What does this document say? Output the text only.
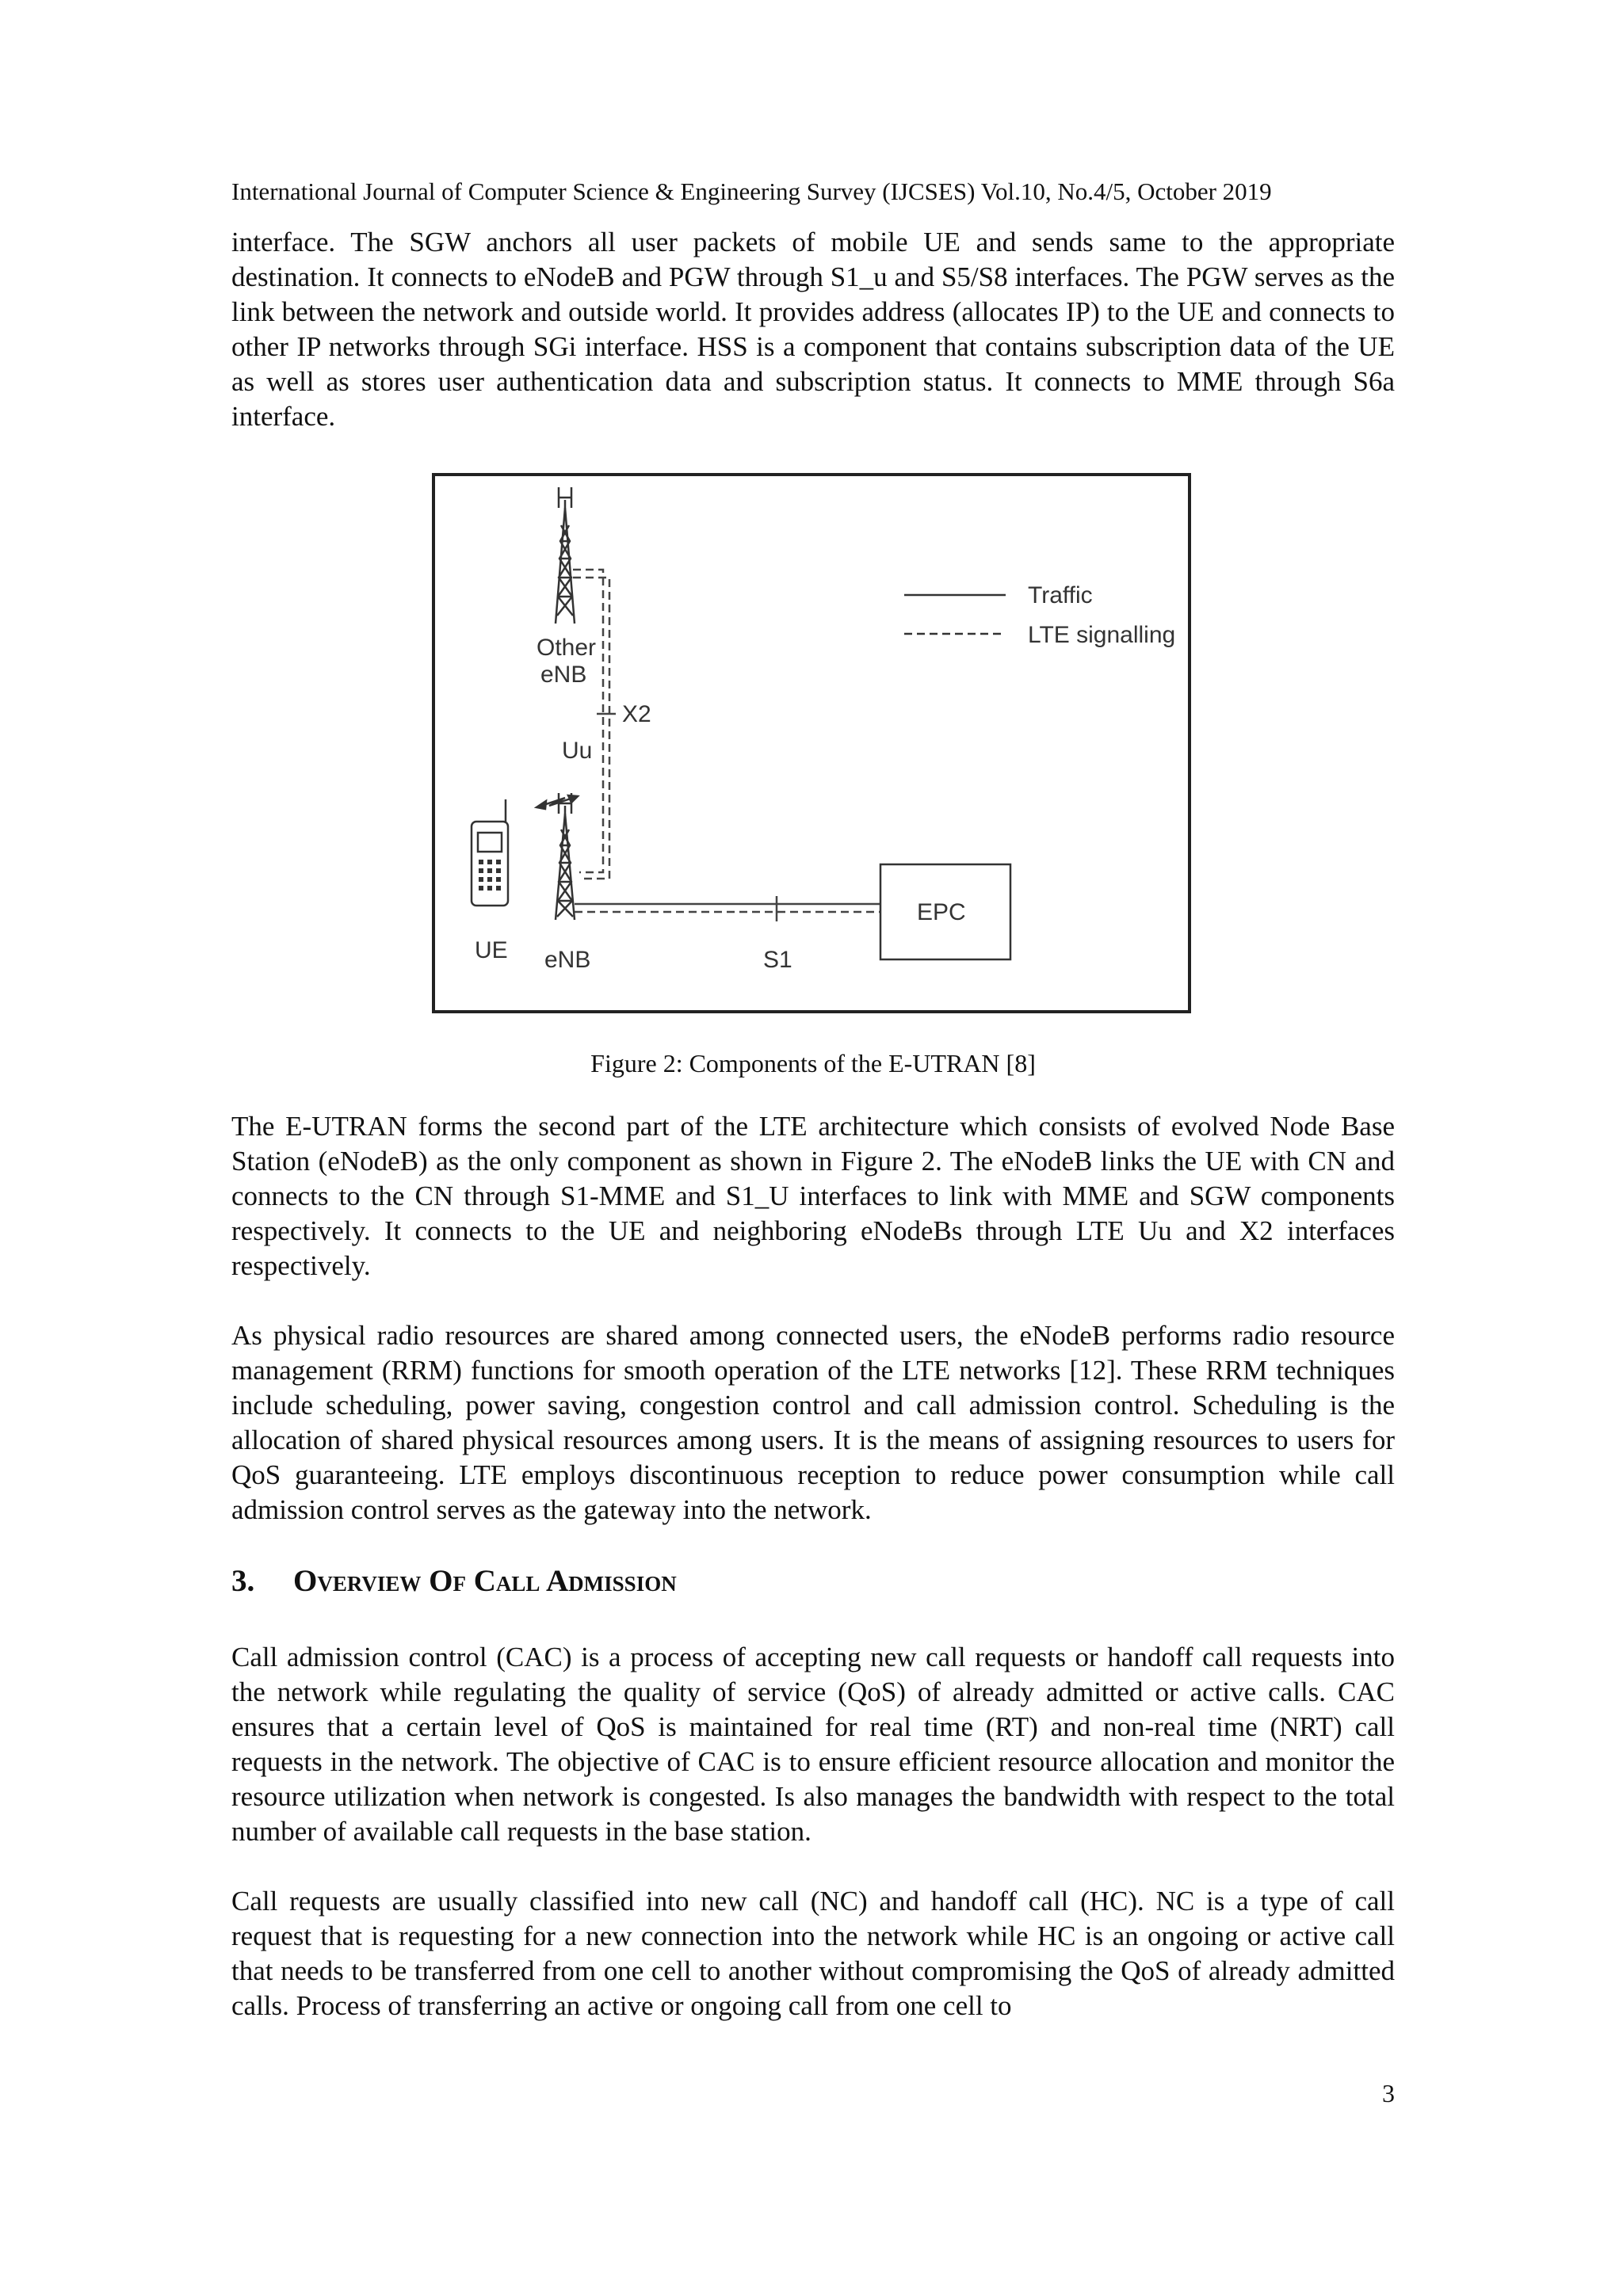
International Journal of Computer Science & Engineering Survey (IJCSES) Vol.10, No.4/5, October 2019

interface. The SGW anchors all user packets of mobile UE and sends same to the appropriate destination. It connects to eNodeB and PGW through S1_u and S5/S8 interfaces. The PGW serves as the link between the network and outside world. It provides address (allocates IP) to the UE and connects to other IP networks through SGi interface. HSS is a component that contains subscription data of the UE as well as stores user authentication data and subscription status. It connects to MME through S6a interface.

Traffic
LTE signalling
Other
eNB
X2
Uu
EPC
UE eNB	S1
Figure 2: Components of the E-UTRAN [8]

The E-UTRAN forms the second part of the LTE architecture which consists of evolved Node Base Station (eNodeB) as the only component as shown in Figure 2. The eNodeB links the UE with CN and connects to the CN through S1-MME and S1_U interfaces to link with MME and SGW components respectively. It connects to the UE and neighboring eNodeBs through LTE Uu and X2 interfaces respectively.

As physical radio resources are shared among connected users, the eNodeB performs radio resource management (RRM) functions for smooth operation of the LTE networks [12]. These RRM techniques include scheduling, power saving, congestion control and call admission control. Scheduling is the allocation of shared physical resources among users. It is the means of assigning resources to users for QoS guaranteeing. LTE employs discontinuous reception to reduce power consumption while call admission control serves as the gateway into the network.

3. Overview Of Call Admission

Call admission control (CAC) is a process of accepting new call requests or handoff call requests into the network while regulating the quality of service (QoS) of already admitted or active calls. CAC ensures that a certain level of QoS is maintained for real time (RT) and non-real time (NRT) call requests in the network. The objective of CAC is to ensure efficient resource allocation and monitor the resource utilization when network is congested. Is also manages the bandwidth with respect to the total number of available call requests in the base station.

Call requests are usually classified into new call (NC) and handoff call (HC). NC is a type of call request that is requesting for a new connection into the network while HC is an ongoing or active call that needs to be transferred from one cell to another without compromising the QoS of already admitted calls. Process of transferring an active or ongoing call from one cell to

3
